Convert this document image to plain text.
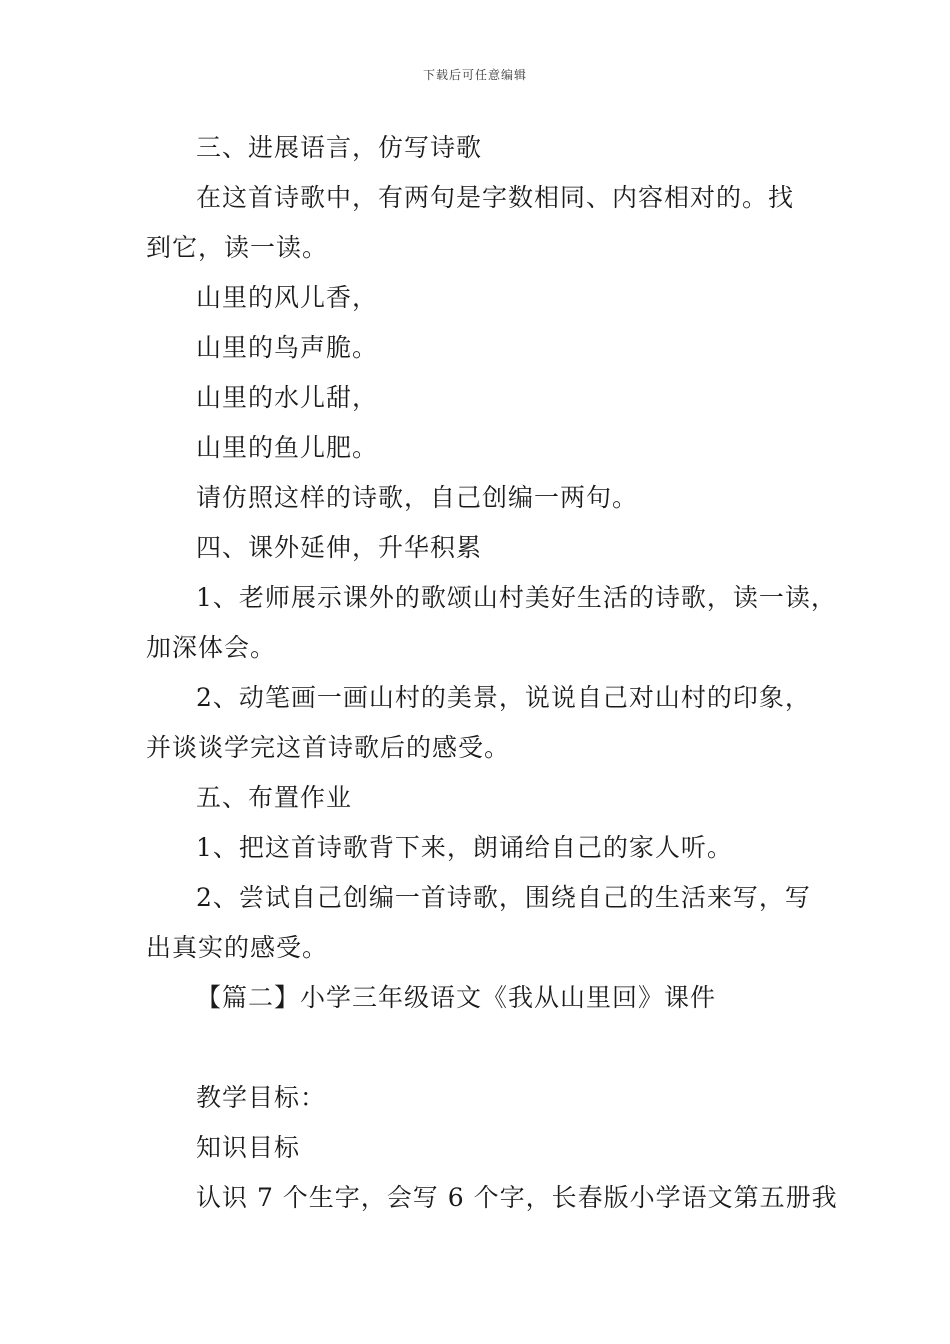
下载后可任意编辑
三、进展语言，仿写诗歌
在这首诗歌中，有两句是字数相同、内容相对的。找
到它，读一读。
山里的风儿香，
山里的鸟声脆。
山里的水儿甜，
山里的鱼儿肥。
请仿照这样的诗歌，自己创编一两句。
四、课外延伸，升华积累
1、老师展示课外的歌颂山村美好生活的诗歌，读一读，
加深体会。
2、动笔画一画山村的美景，说说自己对山村的印象，
并谈谈学完这首诗歌后的感受。
五、布置作业
1、把这首诗歌背下来，朗诵给自己的家人听。
2、尝试自己创编一首诗歌，围绕自己的生活来写，写
出真实的感受。
【篇二】小学三年级语文《我从山里回》课件
教学目标：
知识目标
认识 7 个生字，会写 6 个字，长春版小学语文第五册我
